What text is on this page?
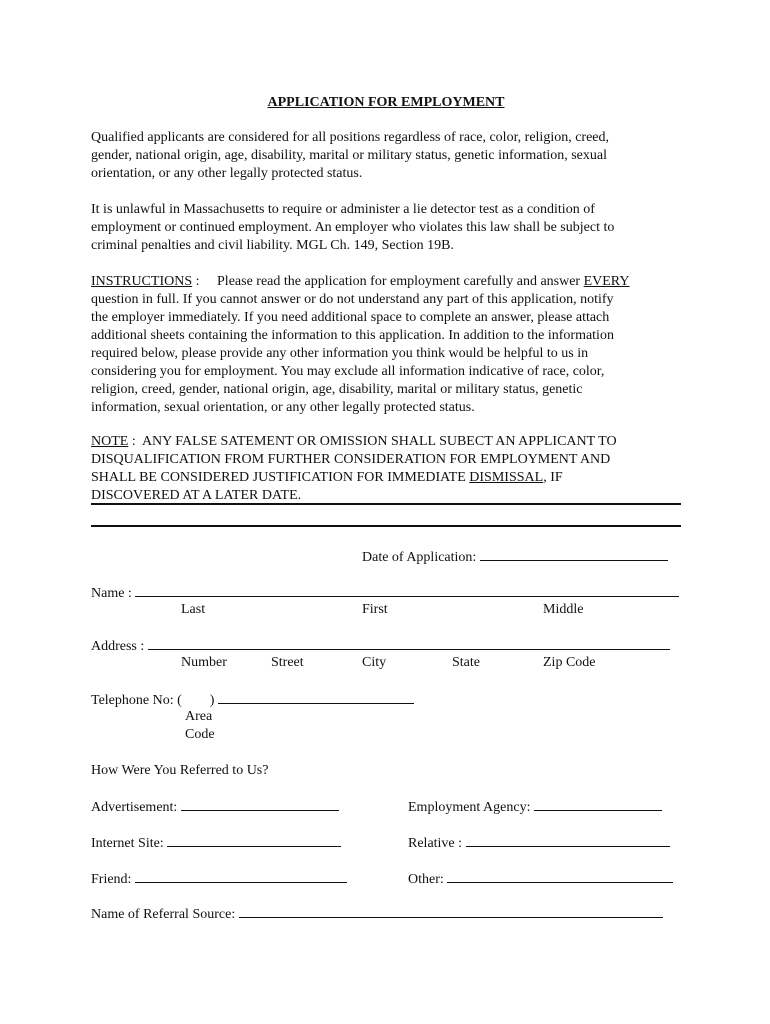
APPLICATION FOR EMPLOYMENT

Qualified applicants are considered for all positions regardless of race, color, religion, creed,

gender, national origin, age, disability, marital or military status, genetic information, sexual

orientation, or any other legally protected status.

It is unlawful in Massachusetts to require or administer a lie detector test as a condition of

employment or continued employment. An employer who violates this law shall be subject to

criminal penalties and civil liability. MGL Ch. 149, Section 19B.

INSTRUCTIONS :     Please read the application for employment carefully and answer EVERY

question in full. If you cannot answer or do not understand any part of this application, notify

the employer immediately. If you need additional space to complete an answer, please attach

additional sheets containing the information to this application. In addition to the information

required below, please provide any other information you think would be helpful to us in

considering you for employment. You may exclude all information indicative of race, color,

religion, creed, gender, national origin, age, disability, marital or military status, genetic

information, sexual orientation, or any other legally protected status.

NOTE :  ANY FALSE SATEMENT OR OMISSION SHALL SUBECT AN APPLICANT TO

DISQUALIFICATION FROM FURTHER CONSIDERATION FOR EMPLOYMENT AND

SHALL BE CONSIDERED JUSTIFICATION FOR IMMEDIATE DISMISSAL, IF

DISCOVERED AT A LATER DATE.

Date of Application:
Name :
Last	First	Middle
Address :
Number	Street	City	State	Zip Code
Telephone No: (        )
Area
Code
How Were You Referred to Us?
Advertisement:	Employment Agency:
Internet Site:	Relative :
Friend:	Other:
Name of Referral Source:
